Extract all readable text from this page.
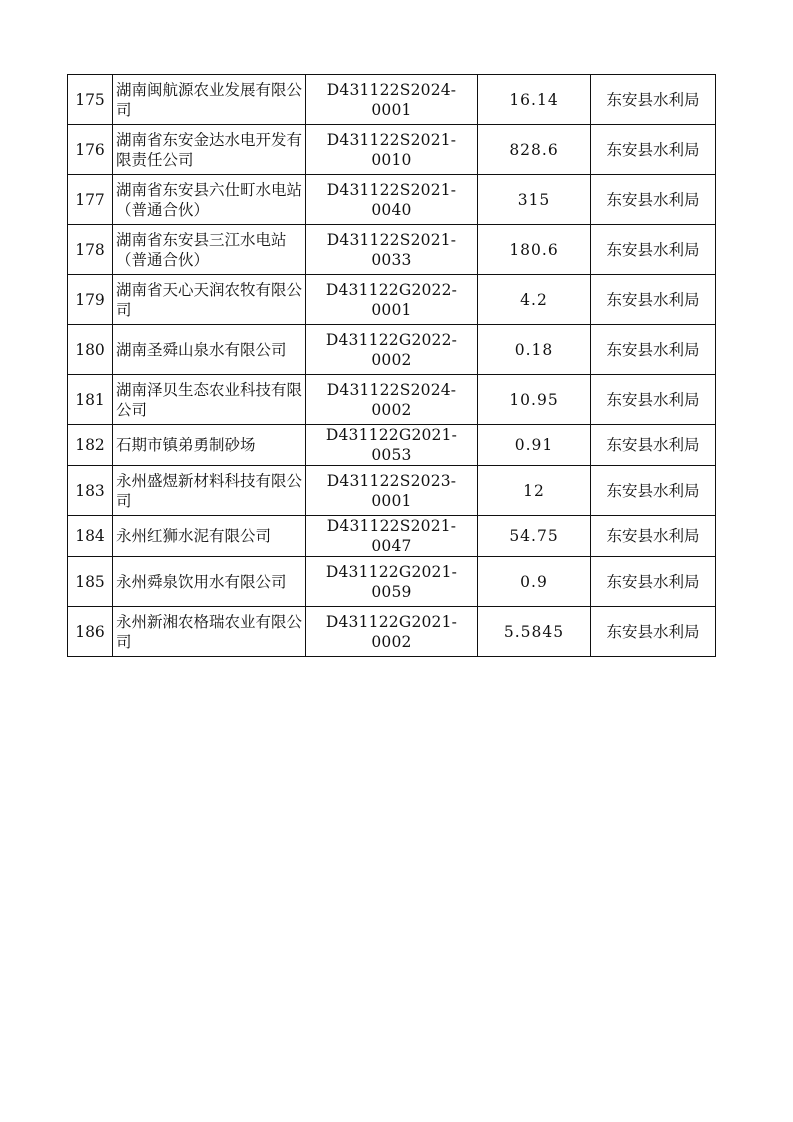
175	湖南闽航源农业发展有限公司	D431122S2024-0001	16.14	东安县水利局
176	湖南省东安金达水电开发有限责任公司	D431122S2021-0010	828.6	东安县水利局
177	湖南省东安县六仕町水电站（普通合伙）	D431122S2021-0040	315	东安县水利局
178	湖南省东安县三江水电站（普通合伙）	D431122S2021-0033	180.6	东安县水利局
179	湖南省天心天润农牧有限公司	D431122G2022-0001	4.2	东安县水利局
180	湖南圣舜山泉水有限公司	D431122G2022-0002	0.18	东安县水利局
181	湖南泽贝生态农业科技有限公司	D431122S2024-0002	10.95	东安县水利局
182	石期市镇弟勇制砂场	D431122G2021-0053	0.91	东安县水利局
183	永州盛煜新材料科技有限公司	D431122S2023-0001	12	东安县水利局
184	永州红狮水泥有限公司	D431122S2021-0047	54.75	东安县水利局
185	永州舜泉饮用水有限公司	D431122G2021-0059	0.9	东安县水利局
186	永州新湘农格瑞农业有限公司	D431122G2021-0002	5.5845	东安县水利局
